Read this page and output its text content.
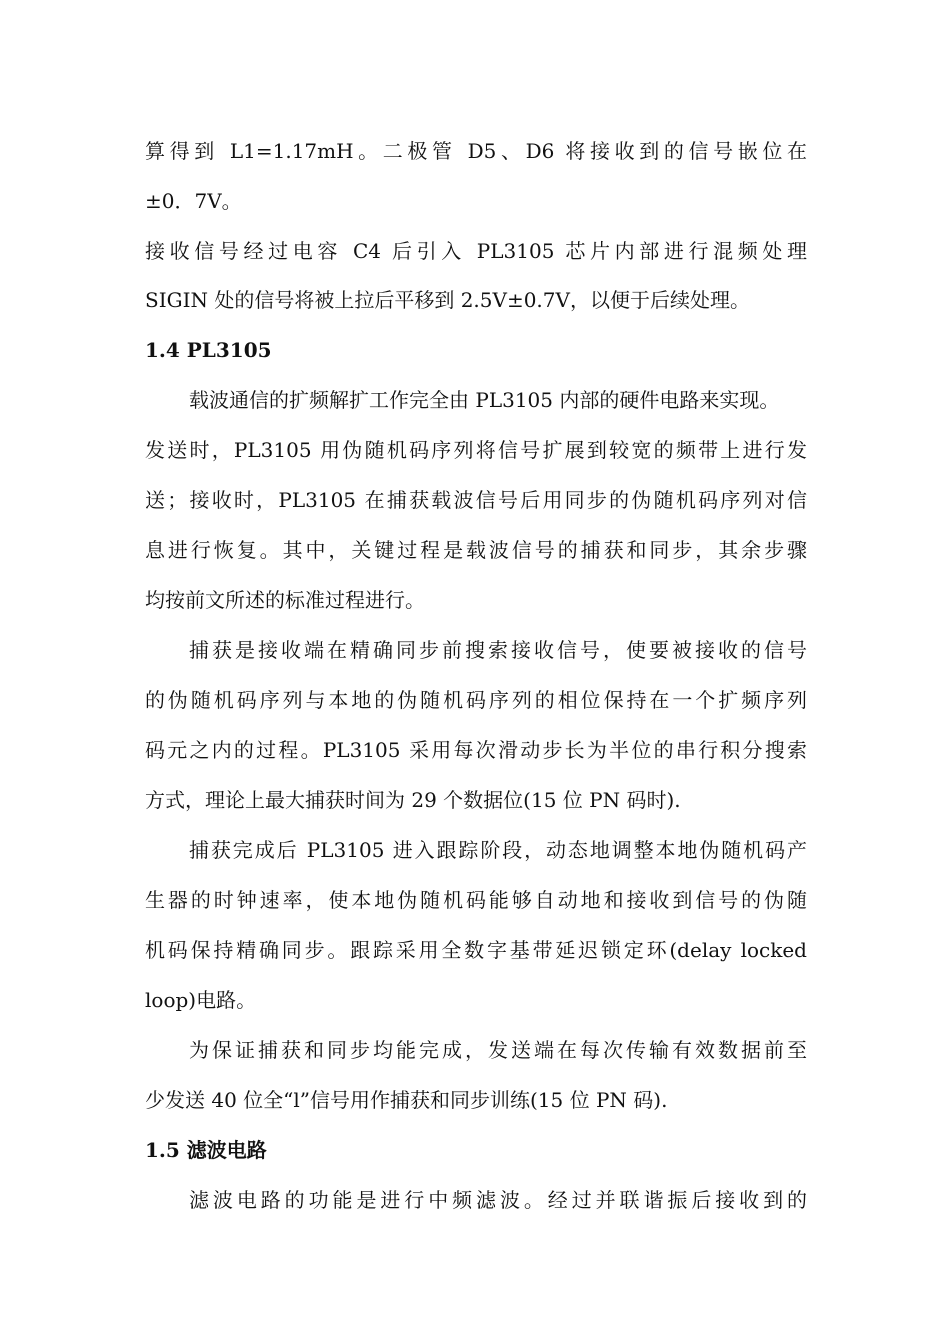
算得到 L1=1.17mH。二极管 D5、D6 将接收到的信号嵌位在
±0．7V。
接收信号经过电容 C4 后引入 PL3105 芯片内部进行混频处理
SIGIN 处的信号将被上拉后平移到 2.5V±0.7V，以便于后续处理。
1.4 PL3105
载波通信的扩频解扩工作完全由 PL3105 内部的硬件电路来实现。
发送时，PL3105 用伪随机码序列将信号扩展到较宽的频带上进行发
送；接收时，PL3105 在捕获载波信号后用同步的伪随机码序列对信
息进行恢复。其中，关键过程是载波信号的捕获和同步，其余步骤
均按前文所述的标准过程进行。
捕获是接收端在精确同步前搜索接收信号，使要被接收的信号
的伪随机码序列与本地的伪随机码序列的相位保持在一个扩频序列
码元之内的过程。PL3105 采用每次滑动步长为半位的串行积分搜索
方式，理论上最大捕获时间为 29 个数据位(15 位 PN 码时).
捕获完成后 PL3105 进入跟踪阶段，动态地调整本地伪随机码产
生器的时钟速率，使本地伪随机码能够自动地和接收到信号的伪随
机码保持精确同步。跟踪采用全数字基带延迟锁定环(delay locked
loop)电路。
为保证捕获和同步均能完成，发送端在每次传输有效数据前至
少发送 40 位全“l”信号用作捕获和同步训练(15 位 PN 码).
1.5 滤波电路
滤波电路的功能是进行中频滤波。经过并联谐振后接收到的
